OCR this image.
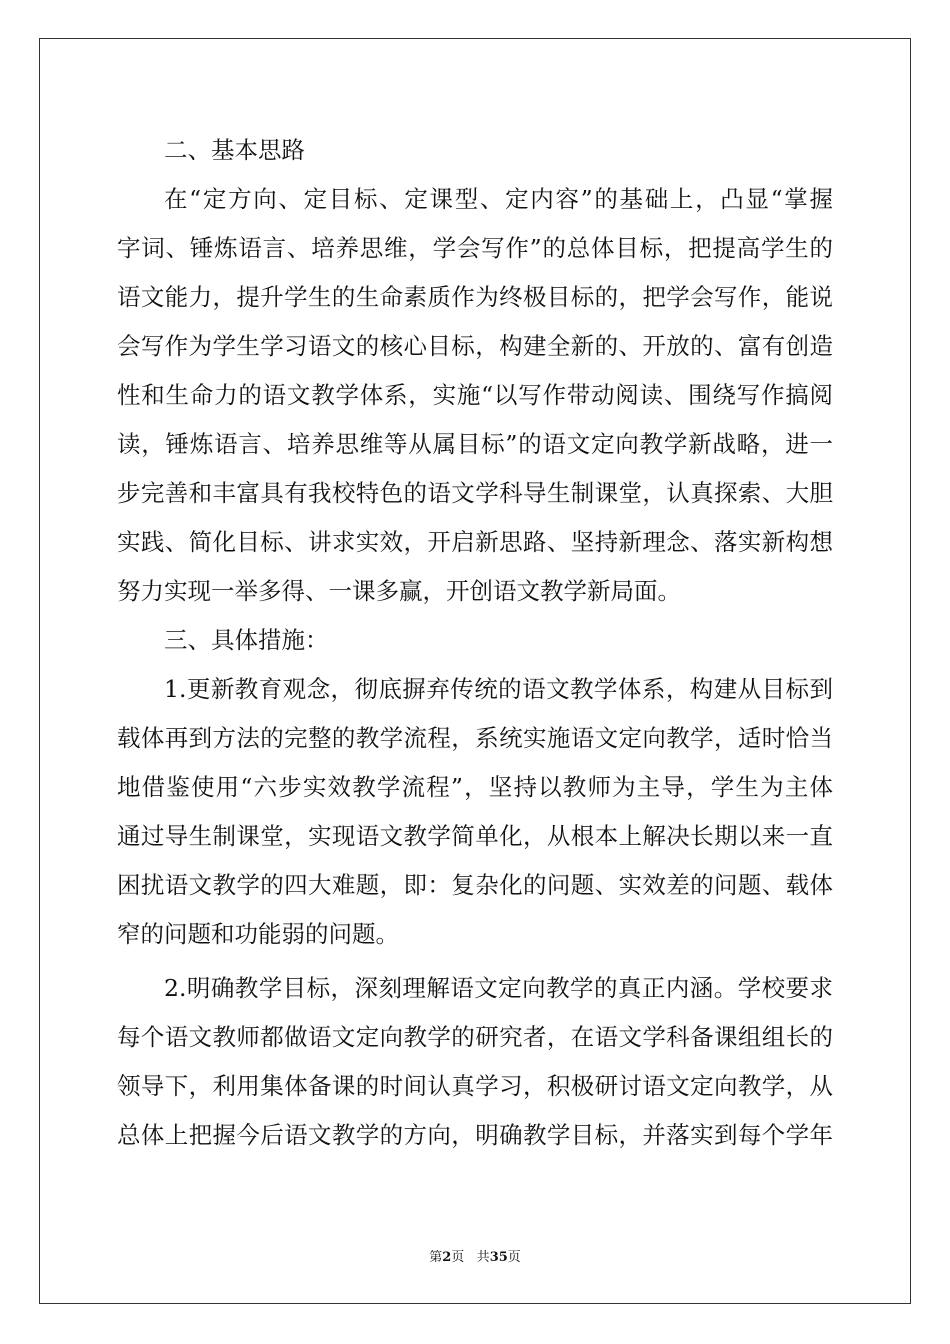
二、基本思路
在“定方向、定目标、定课型、定内容”的基础上，凸显“掌握
字词、锤炼语言、培养思维，学会写作”的总体目标，把提高学生的
语文能力，提升学生的生命素质作为终极目标的，把学会写作，能说
会写作为学生学习语文的核心目标，构建全新的、开放的、富有创造
性和生命力的语文教学体系，实施“以写作带动阅读、围绕写作搞阅
读，锤炼语言、培养思维等从属目标”的语文定向教学新战略，进一
步完善和丰富具有我校特色的语文学科导生制课堂，认真探索、大胆
实践、简化目标、讲求实效，开启新思路、坚持新理念、落实新构想
努力实现一举多得、一课多赢，开创语文教学新局面。
三、具体措施：
1.更新教育观念，彻底摒弃传统的语文教学体系，构建从目标到
载体再到方法的完整的教学流程，系统实施语文定向教学，适时恰当
地借鉴使用“六步实效教学流程”，坚持以教师为主导，学生为主体
通过导生制课堂，实现语文教学简单化，从根本上解决长期以来一直
困扰语文教学的四大难题，即：复杂化的问题、实效差的问题、载体
窄的问题和功能弱的问题。
2.明确教学目标，深刻理解语文定向教学的真正内涵。学校要求
每个语文教师都做语文定向教学的研究者，在语文学科备课组组长的
领导下，利用集体备课的时间认真学习，积极研讨语文定向教学，从
总体上把握今后语文教学的方向，明确教学目标，并落实到每个学年
第2页 共35页
